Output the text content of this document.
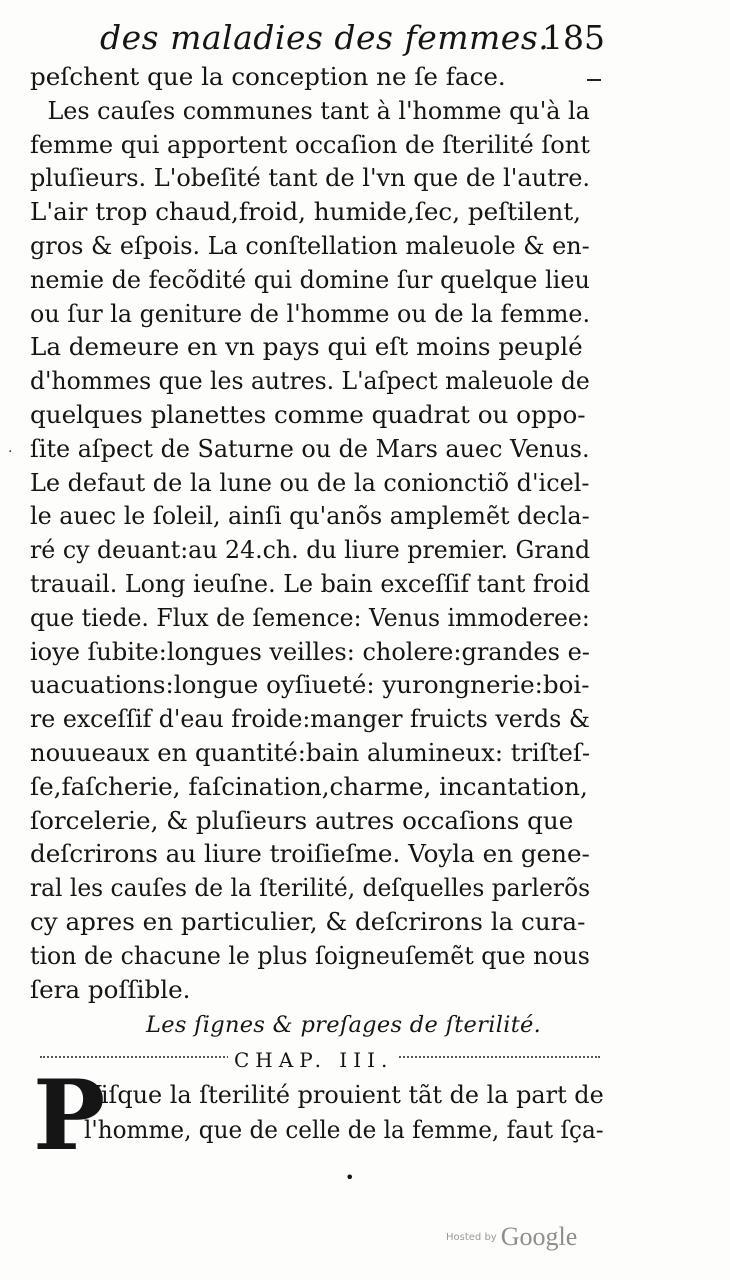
des maladies des femmes.
185
·
peſchent que la conception ne ſe face.
Les cauſes communes tant à l'homme qu'à la
femme qui apportent occaſion de ſterilité ſont
pluſieurs. L'obeſité tant de l'vn que de l'autre.
L'air trop chaud,froid, humide,ſec, peſtilent,
gros & eſpois. La conſtellation maleuole & en-
nemie de fecõdité qui domine ſur quelque lieu
ou ſur la geniture de l'homme ou de la femme.
La demeure en vn pays qui eſt moins peuplé
d'hommes que les autres. L'aſpect maleuole de
quelques planettes comme quadrat ou oppo-
ſite aſpect de Saturne ou de Mars auec Venus.
Le defaut de la lune ou de la conionctiõ d'icel-
le auec le ſoleil, ainſi qu'anõs amplemẽt decla-
ré cy deuant:au 24.ch. du liure premier. Grand
trauail. Long ieuſne. Le bain exceſſif tant froid
que tiede. Flux de ſemence: Venus immoderee:
ioye ſubite:longues veilles: cholere:grandes e-
uacuations:longue oyſiueté: yurongnerie:boi-
re exceſſif d'eau froide:manger fruicts verds &
nouueaux en quantité:bain alumineux: triſteſ-
ſe,faſcherie, faſcination,charme, incantation,
ſorcelerie, & pluſieurs autres occaſions que
deſcrirons au liure troiſieſme. Voyla en gene-
ral les cauſes de la ſterilité, deſquelles parlerõs
cy apres en particulier, & deſcrirons la cura-
tion de chacune le plus ſoigneuſemẽt que nous
ſera poſſible.
Les ſignes & preſages de ſterilité.
CHAP. III.
P
Viſque la ſterilité prouient tãt de la part de
l'homme, que de celle de la femme, faut ſça-
•
Hosted by Google
